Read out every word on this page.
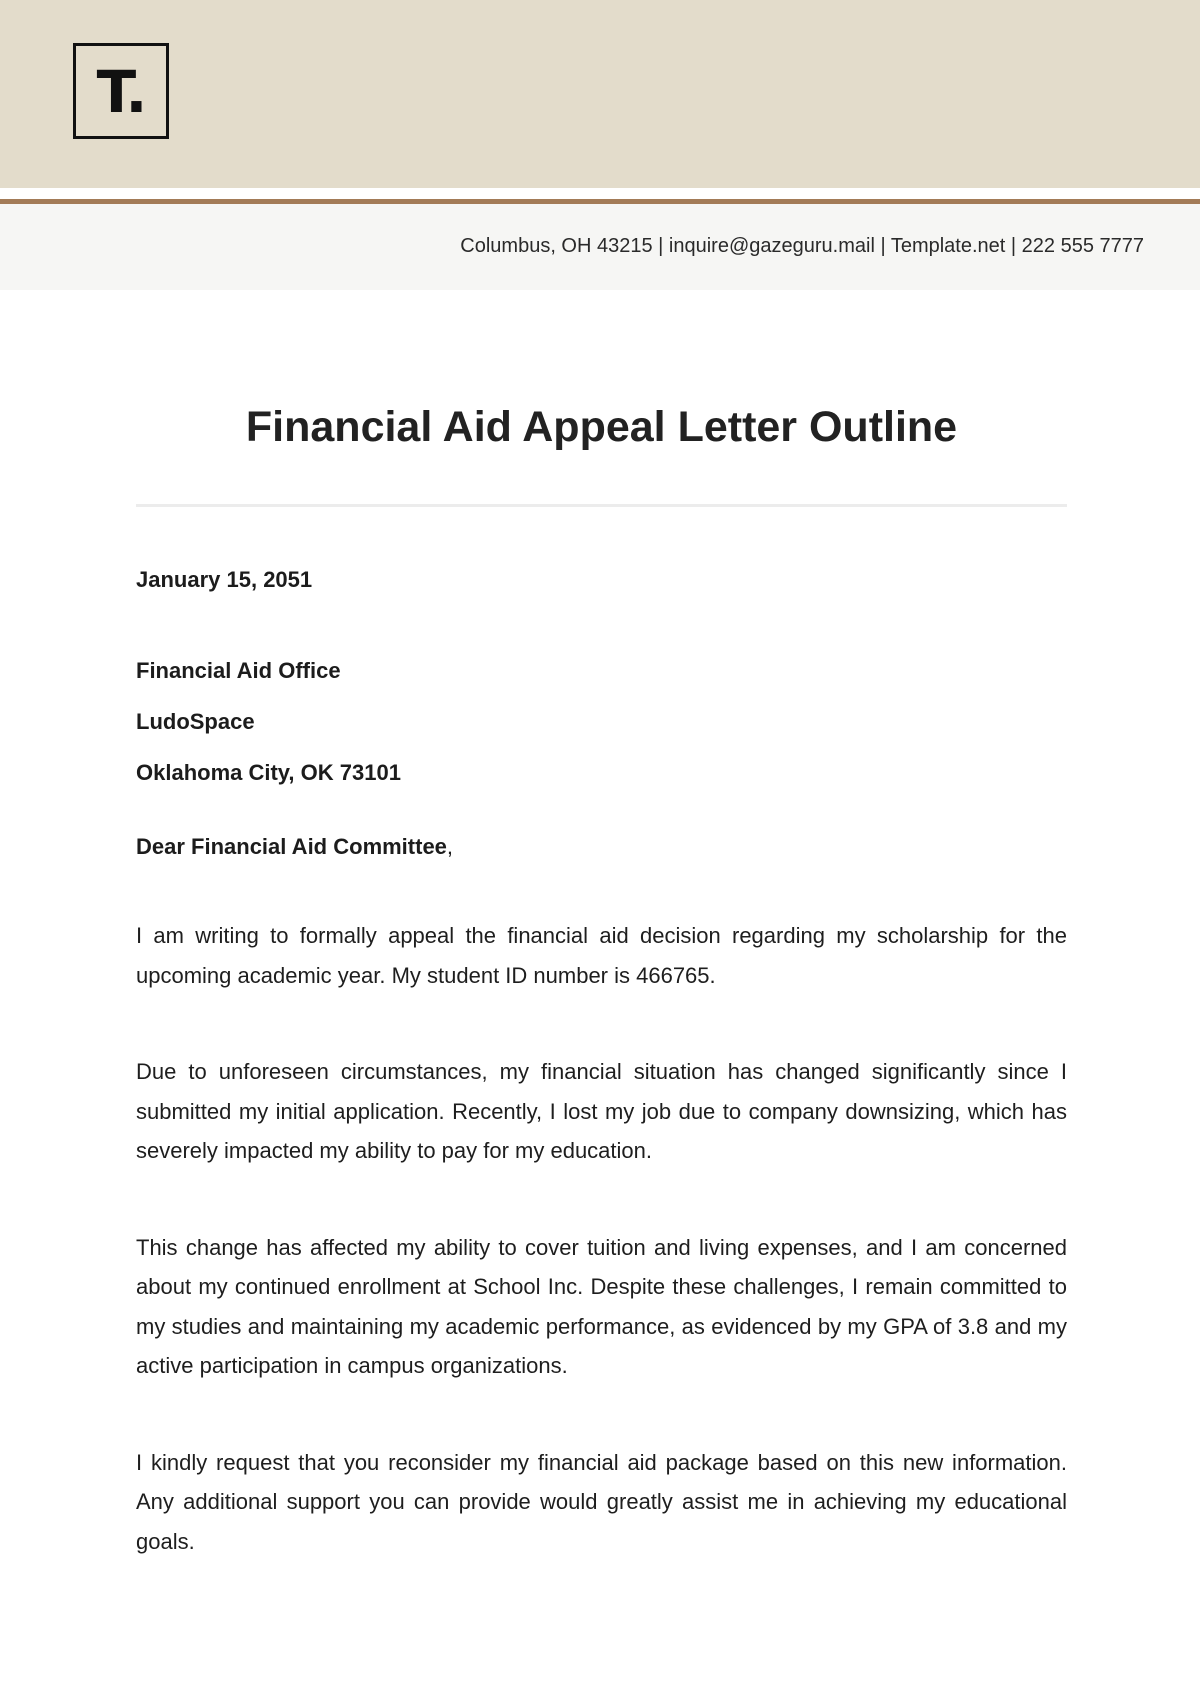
T.
Columbus, OH 43215 | inquire@gazeguru.mail | Template.net | 222 555 7777
Financial Aid Appeal Letter Outline
January 15, 2051
Financial Aid Office
LudoSpace
Oklahoma City, OK 73101
Dear Financial Aid Committee,

I am writing to formally appeal the financial aid decision regarding my scholarship for the upcoming academic year. My student ID number is 466765.

Due to unforeseen circumstances, my financial situation has changed significantly since I submitted my initial application. Recently, I lost my job due to company downsizing, which has severely impacted my ability to pay for my education.

This change has affected my ability to cover tuition and living expenses, and I am concerned about my continued enrollment at School Inc. Despite these challenges, I remain committed to my studies and maintaining my academic performance, as evidenced by my GPA of 3.8 and my active participation in campus organizations.

I kindly request that you reconsider my financial aid package based on this new information. Any additional support you can provide would greatly assist me in achieving my educational goals.
